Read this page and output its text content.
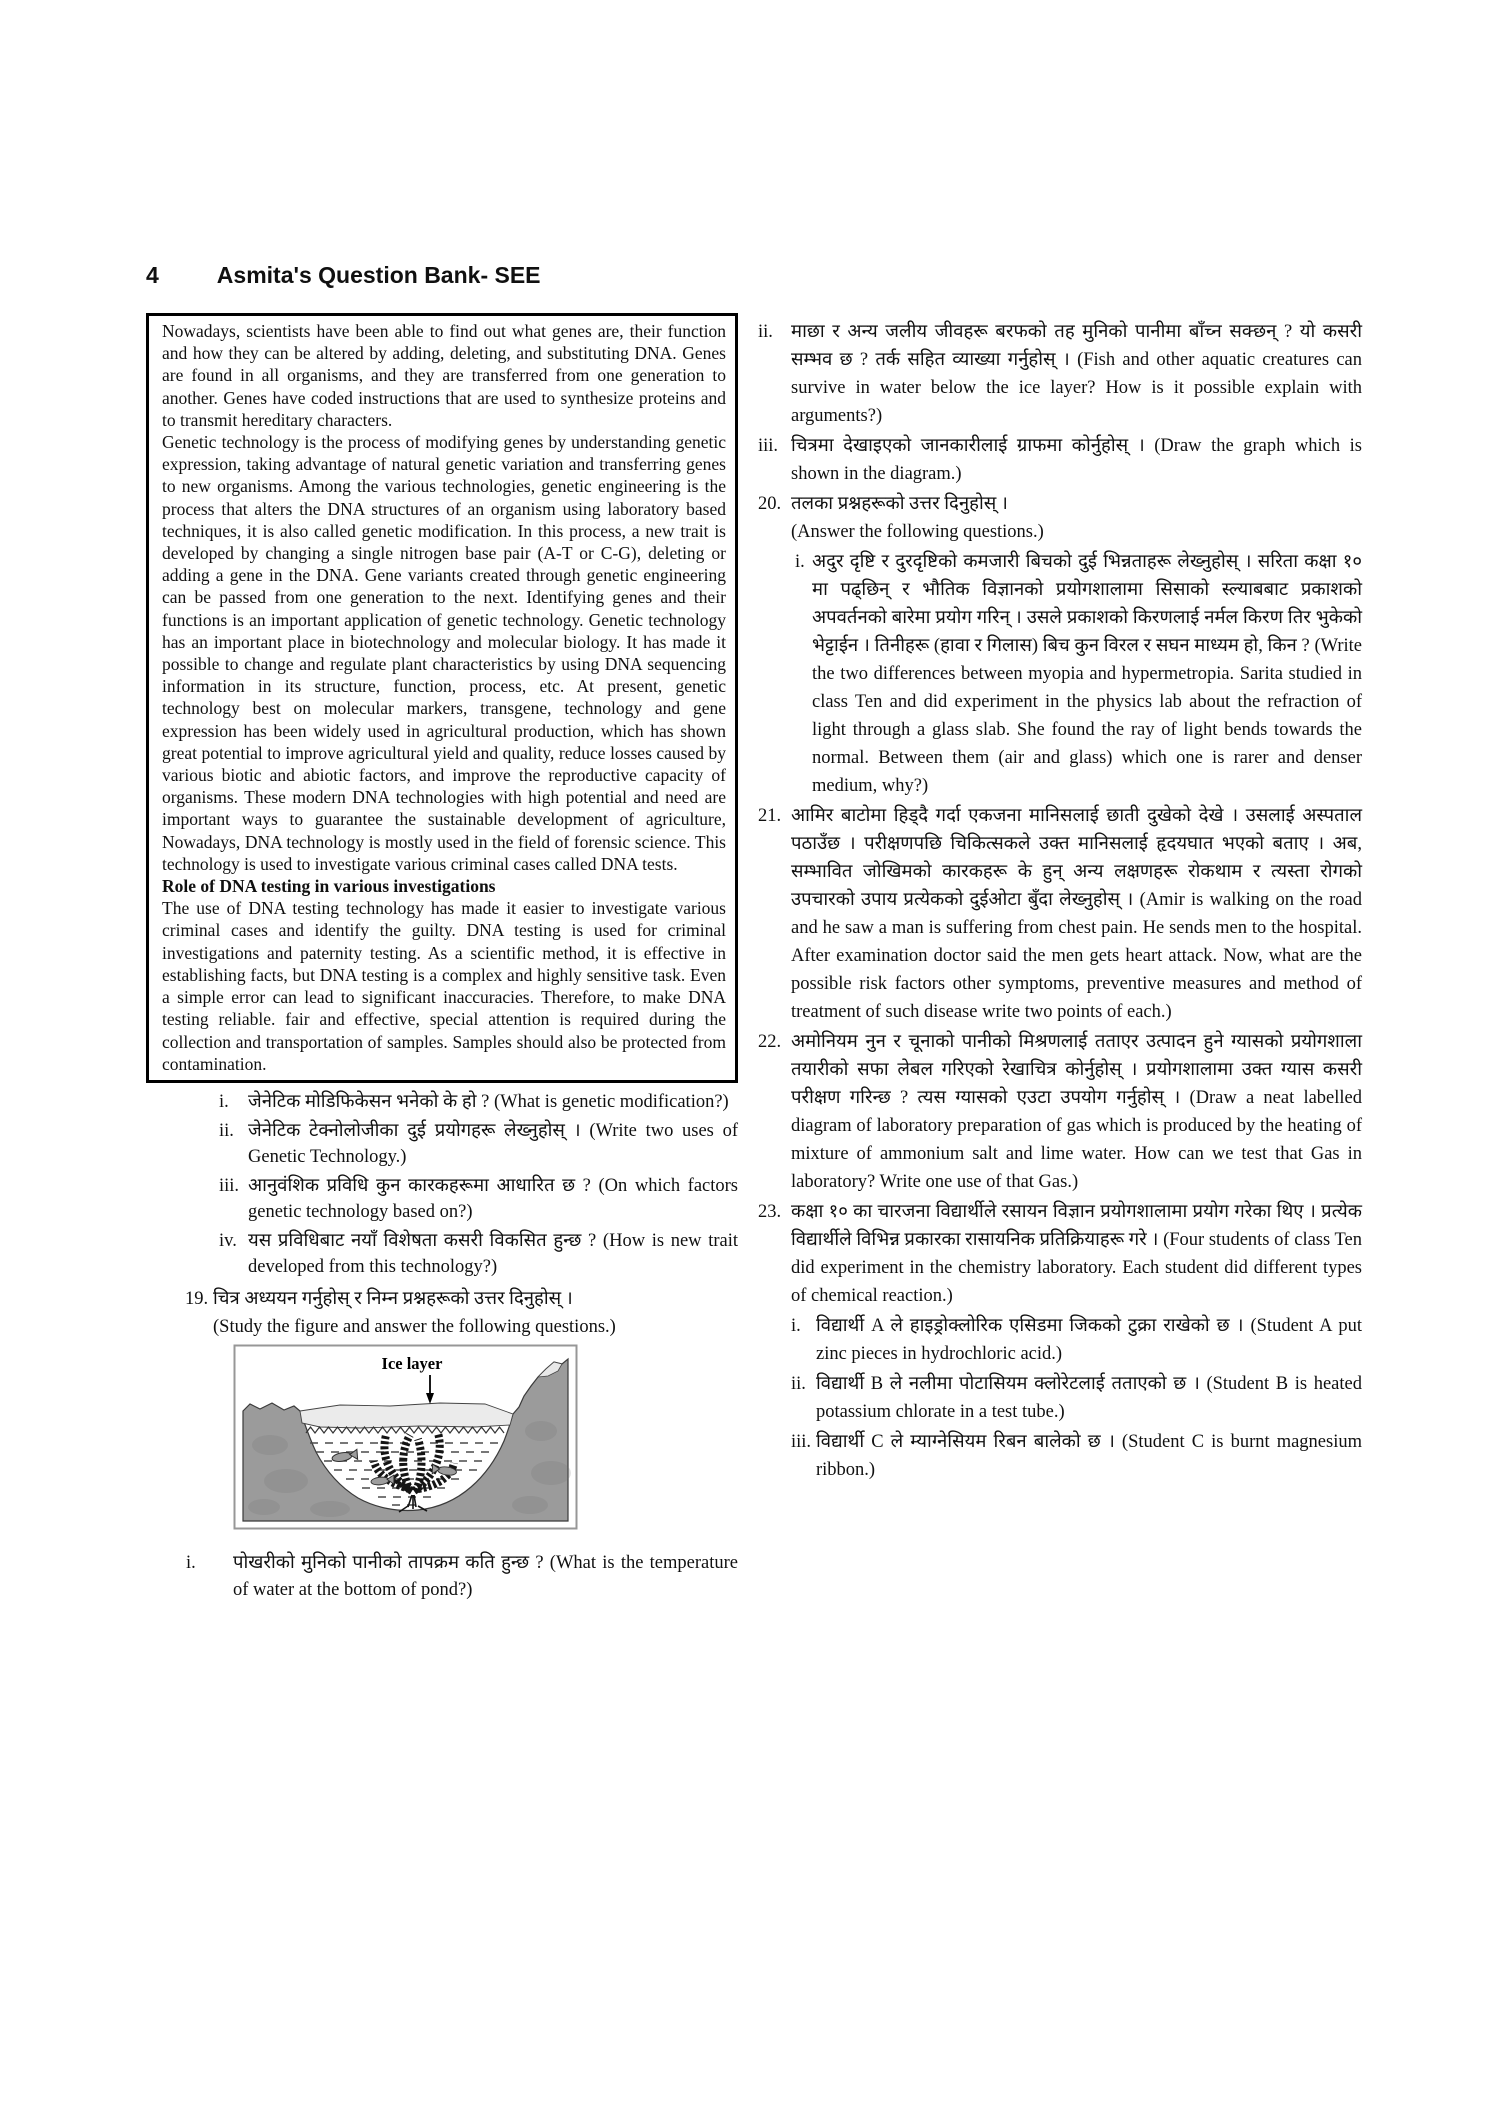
4	Asmita's Question Bank- SEE

Nowadays, scientists have been able to find out what genes are, their function and how they can be altered by adding, deleting, and substituting DNA. Genes are found in all organisms, and they are transferred from one generation to another. Genes have coded instructions that are used to synthesize proteins and to transmit hereditary characters.

Genetic technology is the process of modifying genes by understanding genetic expression, taking advantage of natural genetic variation and transferring genes to new organisms. Among the various technologies, genetic engineering is the process that alters the DNA structures of an organism using laboratory based techniques, it is also called genetic modification. In this process, a new trait is developed by changing a single nitrogen base pair (A-T or C-G), deleting or adding a gene in the DNA. Gene variants created through genetic engineering can be passed from one generation to the next. Identifying genes and their functions is an important application of genetic technology. Genetic technology has an important place in biotechnology and molecular biology. It has made it possible to change and regulate plant characteristics by using DNA sequencing information in its structure, function, process, etc. At present, genetic technology best on molecular markers, transgene, technology and gene expression has been widely used in agricultural production, which has shown great potential to improve agricultural yield and quality, reduce losses caused by various biotic and abiotic factors, and improve the reproductive capacity of organisms. These modern DNA technologies with high potential and need are important ways to guarantee the sustainable development of agriculture, Nowadays, DNA technology is mostly used in the field of forensic science. This technology is used to investigate various criminal cases called DNA tests.

Role of DNA testing in various investigations

The use of DNA testing technology has made it easier to investigate various criminal cases and identify the guilty. DNA testing is used for criminal investigations and paternity testing. As a scientific method, it is effective in establishing facts, but DNA testing is a complex and highly sensitive task. Even a simple error can lead to significant inaccuracies. Therefore, to make DNA testing reliable. fair and effective, special attention is required during the collection and transportation of samples. Samples should also be protected from contamination.

i.	जेनेटिक मोडिफिकेसन भनेको के हो ? (What is genetic modification?)
ii. जेनेटिक टेक्नोलोजीका दुई प्रयोगहरू लेख्नुहोस् । (Write two uses of Genetic Technology.)
iii. आनुवंशिक प्रविधि कुन कारकहरूमा आधारित छ ? (On which factors genetic technology based on?)
iv. यस प्रविधिबाट नयाँ विशेषता कसरी विकसित हुन्छ ? (How is new trait developed from this technology?)
19. चित्र अध्ययन गर्नुहोस् र निम्न प्रश्नहरूको उत्तर दिनुहोस् ।
(Study the figure and answer the following questions.)
Ice layer
i.	पोखरीको मुनिको पानीको तापक्रम कति हुन्छ ? (What is the temperature of water at the bottom of pond?)
ii. माछा र अन्य जलीय जीवहरू बरफको तह मुनिको पानीमा बाँच्न सक्छन् ? यो कसरी सम्भव छ ? तर्क सहित व्याख्या गर्नुहोस् । (Fish and other aquatic creatures can survive in water below the ice layer? How is it possible explain with arguments?)
iii. चित्रमा देखाइएको जानकारीलाई ग्राफमा कोर्नुहोस् । (Draw the graph which is shown in the diagram.)
20. तलका प्रश्नहरूको उत्तर दिनुहोस् ।
(Answer the following questions.)
i. अदुर दृष्टि र दुरदृष्टिको कमजारी बिचको दुई भिन्नताहरू लेख्नुहोस् । सरिता कक्षा १० मा पढ्छिन् र भौतिक विज्ञानको प्रयोगशालामा सिसाको स्ल्याबबाट प्रकाशको अपवर्तनको बारेमा प्रयोग गरिन् । उसले प्रकाशको किरणलाई नर्मल किरण तिर भुकेको भेट्टाईन । तिनीहरू (हावा र गिलास) बिच कुन विरल र सघन माध्यम हो, किन ? (Write the two differences between myopia and hypermetropia. Sarita studied in class Ten and did experiment in the physics lab about the refraction of light through a glass slab. She found the ray of light bends towards the normal. Between them (air and glass) which one is rarer and denser medium, why?)
21. आमिर बाटोमा हिड्दै गर्दा एकजना मानिसलाई छाती दुखेको देखे । उसलाई अस्पताल पठाउँछ । परीक्षणपछि चिकित्सकले उक्त मानिसलाई हृदयघात भएको बताए । अब, सम्भावित जोखिमको कारकहरू के हुन् अन्य लक्षणहरू रोकथाम र त्यस्ता रोगको उपचारको उपाय प्रत्येकको दुईओटा बुँदा लेख्नुहोस् । (Amir is walking on the road and he saw a man is suffering from chest pain. He sends men to the hospital. After examination doctor said the men gets heart attack. Now, what are the possible risk factors other symptoms, preventive measures and method of treatment of such disease write two points of each.)
22. अमोनियम नुन र चूनाको पानीको मिश्रणलाई तताएर उत्पादन हुने ग्यासको प्रयोगशाला तयारीको सफा लेबल गरिएको रेखाचित्र कोर्नुहोस् । प्रयोगशालामा उक्त ग्यास कसरी परीक्षण गरिन्छ ? त्यस ग्यासको एउटा उपयोग गर्नुहोस् । (Draw a neat labelled diagram of laboratory preparation of gas which is produced by the heating of mixture of ammonium salt and lime water. How can we test that Gas in laboratory? Write one use of that Gas.)
23. कक्षा १० का चारजना विद्यार्थीले रसायन विज्ञान प्रयोगशालामा प्रयोग गरेका थिए । प्रत्येक विद्यार्थीले विभिन्न प्रकारका रासायनिक प्रतिक्रियाहरू गरे । (Four students of class Ten did experiment in the chemistry laboratory. Each student did different types of chemical reaction.)
i. विद्यार्थी A ले हाइड्रोक्लोरिक एसिडमा जिकको टुक्रा राखेको छ । (Student A put zinc pieces in hydrochloric acid.)
ii. विद्यार्थी B ले नलीमा पोटासियम क्लोरेटलाई तताएको छ । (Student B is heated potassium chlorate in a test tube.)
iii. विद्यार्थी C ले म्याग्नेसियम रिबन बालेको छ । (Student C is burnt magnesium ribbon.)
